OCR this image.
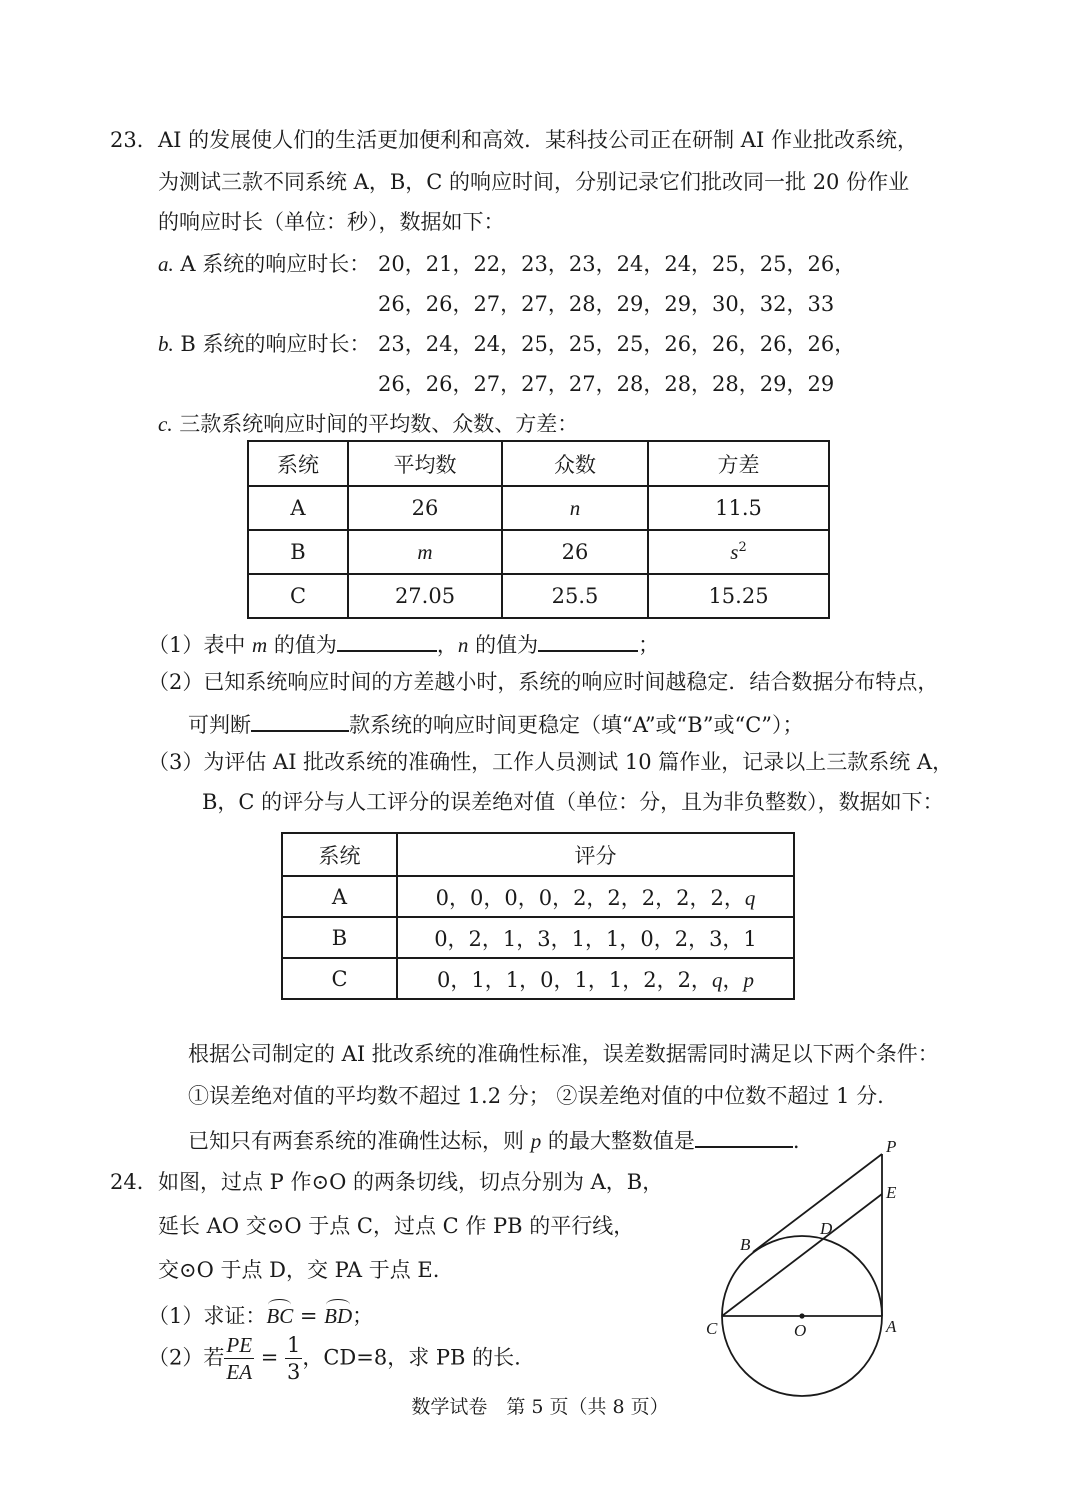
23． AI 的发展使人们的生活更加便利和高效．某科技公司正在研制 AI 作业批改系统，
为测试三款不同系统 A，B，C 的响应时间，分别记录它们批改同一批 20 份作业
的响应时长（单位：秒），数据如下：
a. A 系统的响应时长： 20，21，22，23，23，24，24，25，25，26，
26，26，27，27，28，29，29，30，32，33
b. B 系统的响应时长： 23，24，24，25，25，25，26，26，26，26，
26，26，27，27，27，28，28，28，29，29
c. 三款系统响应时间的平均数、众数、方差：
系统	平均数	众数	方差
A	26	n	11.5
B	m	26	$s^2$
C	27.05	25.5	15.25
（1）表中 m 的值为	，n 的值为	；
（2）已知系统响应时间的方差越小时，系统的响应时间越稳定．结合数据分布特点，
可判断	款系统的响应时间更稳定（填“A”或“B”或“C”）；
（3）为评估 AI 批改系统的准确性，工作人员测试 10 篇作业，记录以上三款系统 A，
B，C 的评分与人工评分的误差绝对值（单位：分，且为非负整数），数据如下：
系统	评分
A	0，0，0，0，2，2，2，2，2，q
B	0，2，1，3，1，1，0，2，3，1
C	0，1，1，0，1，1，2，2，q，p
根据公司制定的 AI 批改系统的准确性标准，误差数据需同时满足以下两个条件：
①误差绝对值的平均数不超过 1.2 分； ②误差绝对值的中位数不超过 1 分.
已知只有两套系统的准确性达标，则 p 的最大整数值是	.
24． 如图，过点 P 作⊙O 的两条切线，切点分别为 A，B，
延长 AO 交⊙O 于点 C，过点 C 作 PB 的平行线，
交⊙O 于点 D，交 PA 于点 E.
（1）求证：BC = BD；
（2）若 $\frac{PE}{EA} = \frac{1}{3}$ ，CD=8，求 PB 的长.
P
E
D
B
C	O	A
数学试卷　第 5 页（共 8 页）
